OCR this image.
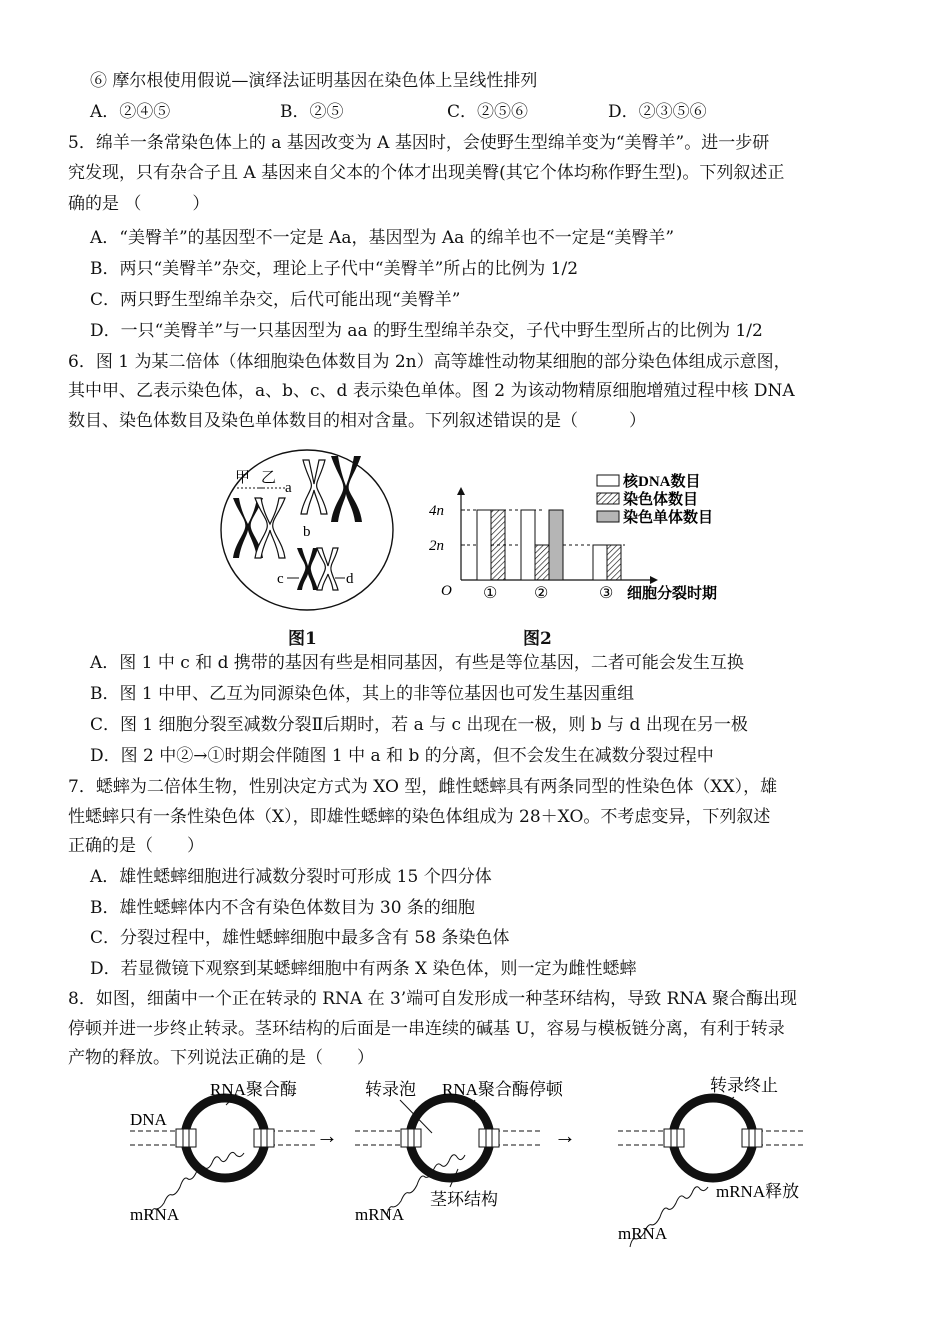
⑥ 摩尔根使用假说—演绎法证明基因在染色体上呈线性排列
A．②④⑤	B．②⑤	C．②⑤⑥	D．②③⑤⑥
5．绵羊一条常染色体上的 a 基因改变为 A 基因时，会使野生型绵羊变为“美臀羊”。进一步研
究发现，只有杂合子且 A 基因来自父本的个体才出现美臀(其它个体均称作野生型)。下列叙述正
确的是 （　　　）
A．“美臀羊”的基因型不一定是 Aa，基因型为 Aa 的绵羊也不一定是“美臀羊”
B．两只“美臀羊”杂交，理论上子代中“美臀羊”所占的比例为 1/2
C．两只野生型绵羊杂交，后代可能出现“美臀羊”
D．一只“美臀羊”与一只基因型为 aa 的野生型绵羊杂交，子代中野生型所占的比例为 1/2
6．图 1 为某二倍体（体细胞染色体数目为 2n）高等雄性动物某细胞的部分染色体组成示意图，
其中甲、乙表示染色体，a、b、c、d 表示染色单体。图 2 为该动物精原细胞增殖过程中核 DNA
数目、染色体数目及染色单体数目的相对含量。下列叙述错误的是（　　　）
甲 乙
a
b
c	d
图1
2n
4n
O ① ②	③ 细胞分裂时期
核DNA数目
染色体数目
染色单体数目
图2
A．图 1 中 c 和 d 携带的基因有些是相同基因，有些是等位基因，二者可能会发生互换
B．图 1 中甲、乙互为同源染色体，其上的非等位基因也可发生基因重组
C．图 1 细胞分裂至减数分裂Ⅱ后期时，若 a 与 c 出现在一极，则 b 与 d 出现在另一极
D．图 2 中②→①时期会伴随图 1 中 a 和 b 的分离，但不会发生在减数分裂过程中
7．蟋蟀为二倍体生物，性别决定方式为 XO 型，雌性蟋蟀具有两条同型的性染色体（XX），雄
性蟋蟀只有一条性染色体（X），即雄性蟋蟀的染色体组成为 28＋XO。不考虑变异，下列叙述
正确的是（　　）
A．雄性蟋蟀细胞进行减数分裂时可形成 15 个四分体
B．雄性蟋蟀体内不含有染色体数目为 30 条的细胞
C．分裂过程中，雄性蟋蟀细胞中最多含有 58 条染色体
D．若显微镜下观察到某蟋蟀细胞中有两条 X 染色体，则一定为雌性蟋蟀
8．如图，细菌中一个正在转录的 RNA 在 3’端可自发形成一种茎环结构，导致 RNA 聚合酶出现
停顿并进一步终止转录。茎环结构的后面是一串连续的碱基 U，容易与模板链分离，有利于转录
产物的释放。下列说法正确的是（　　）
RNA聚合酶
DNA
mRNA
→
转录泡 RNA聚合酶停顿
茎环结构
mRNA
→
转录终止
mRNA释放
mRNA
